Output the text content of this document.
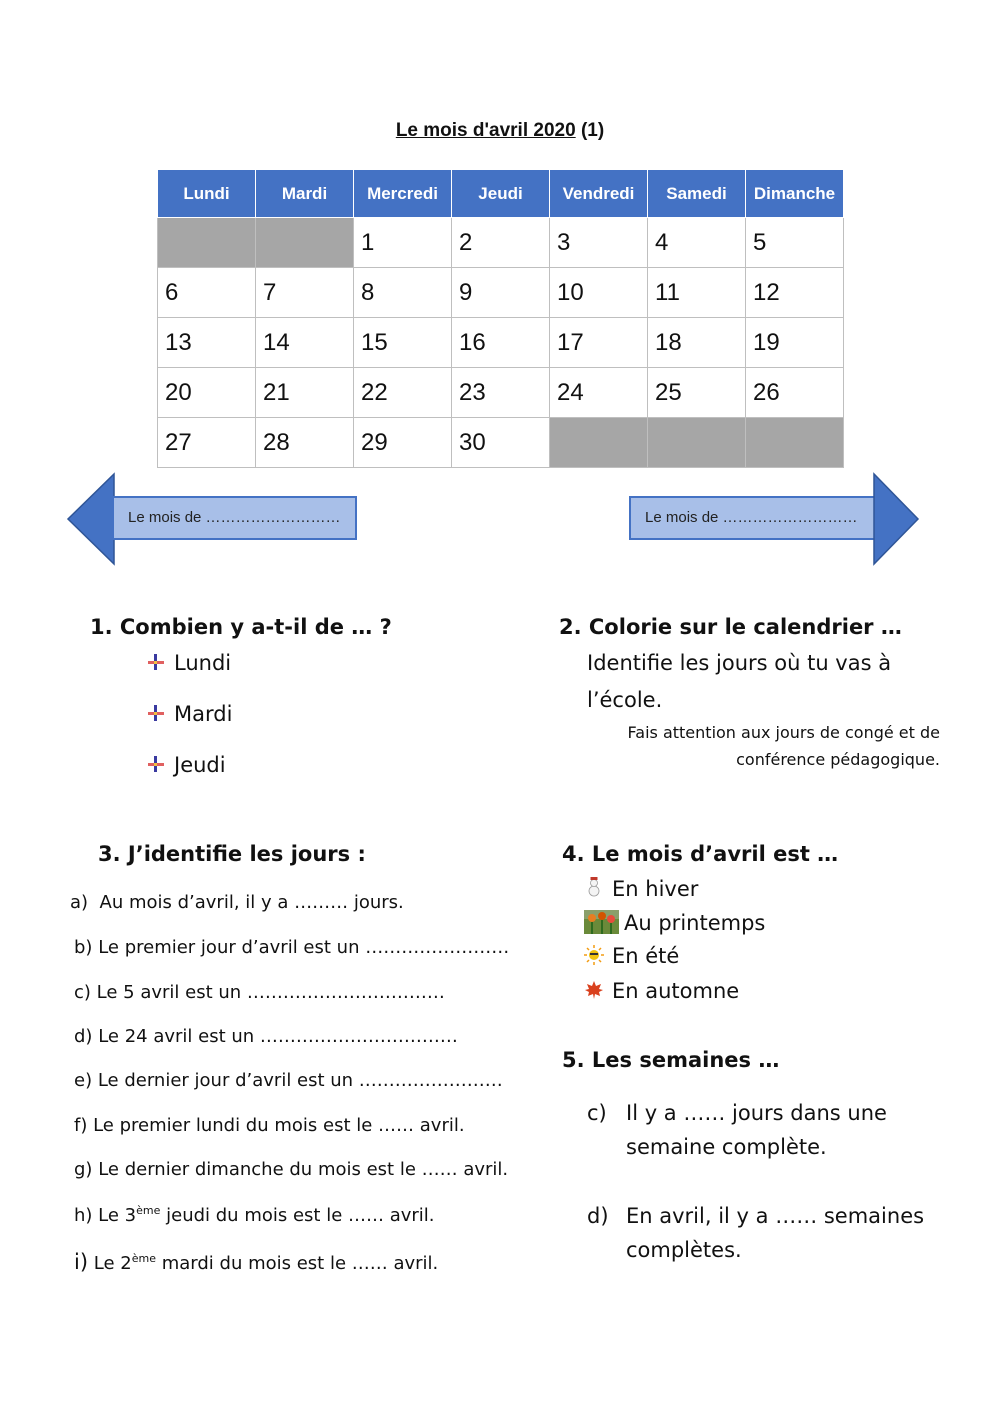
Le mois d'avril 2020 (1)
Lundi	Mardi	Mercredi	Jeudi	Vendredi	Samedi	Dimanche
		1	2	3	4	5
6	7	8	9	10	11	12
13	14	15	16	17	18	19
20	21	22	23	24	25	26
27	28	29	30			
Le mois de ………………………	Le mois de ………………………
1. Combien y a-t-il de … ?
Lundi
Mardi
Jeudi
2. Colorie sur le calendrier …
Identifie les jours où tu vas à
l’école.
Fais attention aux jours de congé et de
conférence pédagogique.
3. J’identifie les jours :
a) Au mois d’avril, il y a ……… jours.
b) Le premier jour d’avril est un ……………………
c) Le 5 avril est un ……………………………
d) Le 24 avril est un ……………………………
e) Le dernier jour d’avril est un ……………………
f) Le premier lundi du mois est le …… avril.
g) Le dernier dimanche du mois est le …… avril.
h) Le 3ème jeudi du mois est le …… avril.
i) Le 2ème mardi du mois est le …… avril.
4. Le mois d’avril est …
En hiver
Au printemps
En été
En automne
5. Les semaines …
c) Il y a …… jours dans une
semaine complète.
d) En avril, il y a …… semaines
complètes.
